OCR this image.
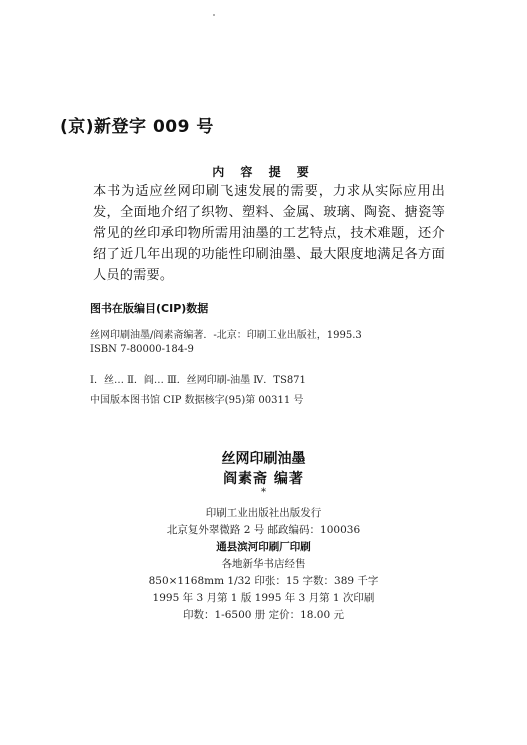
(京)新登字 009 号
内 容 提 要
本书为适应丝网印刷飞速发展的需要，力求从实际应用出发，全面地介绍了织物、塑料、金属、玻璃、陶瓷、搪瓷等常见的丝印承印物所需用油墨的工艺特点，技术难题，还介绍了近几年出现的功能性印刷油墨、最大限度地满足各方面人员的需要。
图书在版编目(CIP)数据
丝网印刷油墨/阎素斋编著．-北京：印刷工业出版社，1995.3
ISBN 7-80000-184-9
Ⅰ．丝… Ⅱ．阎… Ⅲ．丝网印刷-油墨 Ⅳ．TS871
中国版本图书馆 CIP 数据核字(95)第 00311 号
丝网印刷油墨
阎素斋 编著
*
印刷工业出版社出版发行
北京复外翠微路 2 号 邮政编码：100036
通县滨河印刷厂印刷
各地新华书店经售
850×1168mm 1/32 印张：15 字数：389 千字
1995 年 3 月第 1 版 1995 年 3 月第 1 次印刷
印数：1-6500 册 定价：18.00 元
